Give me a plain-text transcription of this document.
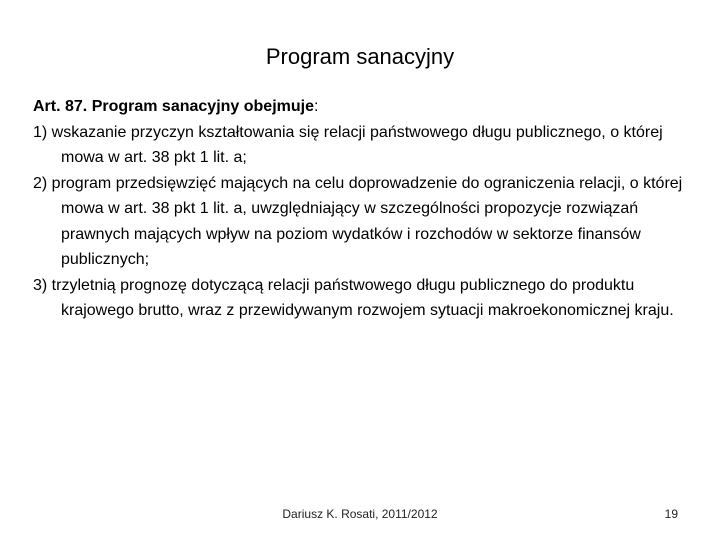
Program sanacyjny

Art. 87. Program sanacyjny obejmuje:

1) wskazanie przyczyn kształtowania się relacji państwowego długu publicznego, o której mowa w art. 38 pkt 1 lit. a;

2) program przedsięwzięć mających na celu doprowadzenie do ograniczenia relacji, o której mowa w art. 38 pkt 1 lit. a, uwzględniający w szczególności propozycje rozwiązań prawnych mających wpływ na poziom wydatków i rozchodów w sektorze finansów publicznych;

3) trzyletnią prognozę dotyczącą relacji państwowego długu publicznego do produktu krajowego brutto, wraz z przewidywanym rozwojem sytuacji makroekonomicznej kraju.

Dariusz K. Rosati, 2011/2012	19
